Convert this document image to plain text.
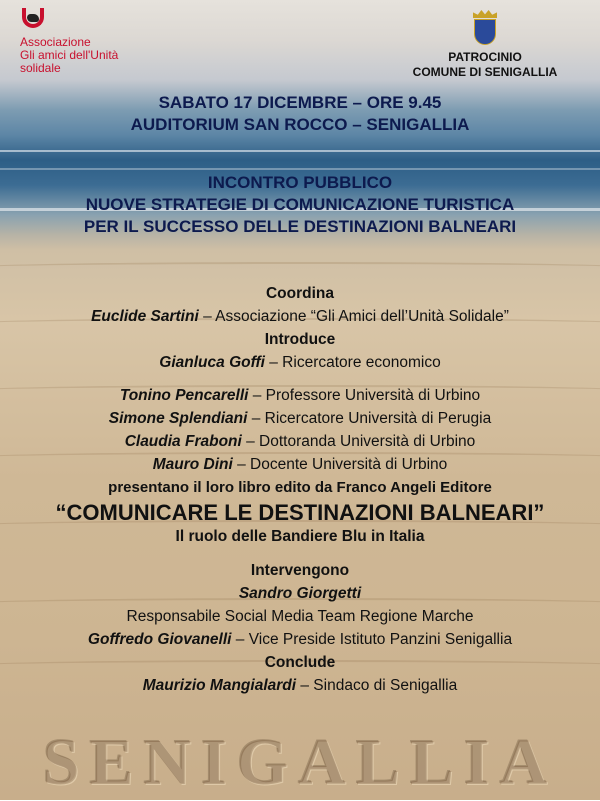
Associazione
Gli amici dell'Unità
solidale
PATROCINIO
COMUNE DI SENIGALLIA
SABATO 17 DICEMBRE – ORE 9.45
AUDITORIUM SAN ROCCO – SENIGALLIA
INCONTRO PUBBLICO
NUOVE STRATEGIE DI COMUNICAZIONE TURISTICA
PER IL SUCCESSO DELLE DESTINAZIONI BALNEARI
Coordina
Euclide Sartini – Associazione “Gli Amici dell’Unità Solidale”
Introduce
Gianluca Goffi – Ricercatore economico
Tonino Pencarelli – Professore Università di Urbino
Simone Splendiani – Ricercatore Università di Perugia
Claudia Fraboni – Dottoranda Università di Urbino
Mauro Dini – Docente Università di Urbino
presentano il loro libro edito da Franco Angeli Editore
“COMUNICARE LE DESTINAZIONI BALNEARI”
Il ruolo delle Bandiere Blu in Italia
Intervengono
Sandro Giorgetti
Responsabile Social Media Team Regione Marche
Goffredo Giovanelli – Vice Preside Istituto Panzini Senigallia
Conclude
Maurizio Mangialardi – Sindaco di Senigallia
SENIGALLIA
